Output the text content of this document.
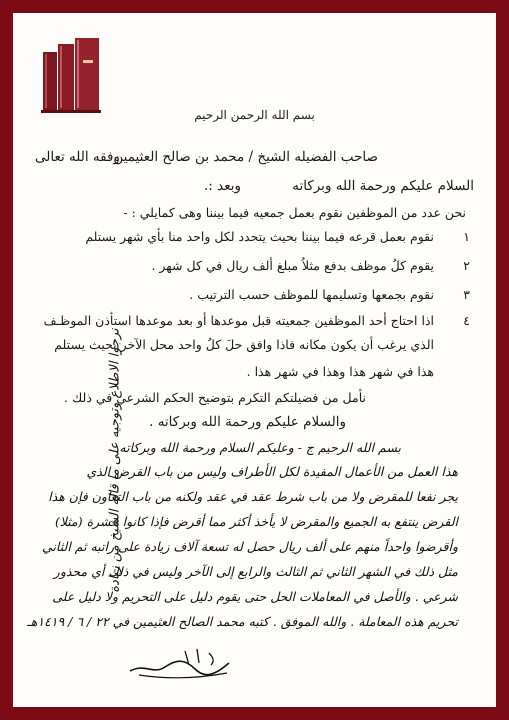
بسم الله الرحمن الرحيم
صاحب الفضيله الشيخ / محمد بن صالح العثيمين
وفقه الله تعالى
السلام عليكم ورحمة الله وبركاته
وبعد :.
نحن عدد من الموظفين نقوم بعمل جمعيه فيما بيننا وهى كمايلي : -
١
نقوم بعمل قرعه فيما بيننا بحيث يتحدد لكل واحد منا بأي شهر يستلم
٢
يقوم كلُ موظف بدفع مثلاُ مبلغ ألف ريال في كل شهر .
٣
نقوم بجمعها وتسليمها للموظف حسب الترتيب .
٤
اذا احتاج أحد الموظفين جمعيته قبل موعدها أو بعد موعدها استأذن الموظـف
الذي يرغب أن يكون مكانه فاذا وافق حلَ كلُ واحد محل الآخر بحيث يستلم
هذا في شهر هذا وهذا في شهر هذا .
نأمل من فضيلتكم التكرم بتوضيح الحكم الشرعي في ذلك .
والسلام عليكم ورحمة الله وبركاته .
بسم الله الرحيم ج - وعليكم السلام ورحمة الله وبركاته
هذا العمل من الأعمال المفيدة لكل الأطراف وليس من باب القرض الذي
يجر نفعا للمقرض ولا من باب شرط عقد في عقد ولكنه من باب التعاون فإن هذا
القرض ينتفع به الجميع والمقرض لا يأخذ أكثر مما أقرض فإذا كانوا عشرة (مثلا)
وأقرضوا واحداً منهم على ألف ريال حصل له تسعة آلاف زيادة على راتبه ثم الثاني
مثل ذلك في الشهر الثاني ثم الثالث والرابع إلى الآخر وليس في ذلك أي محذور
شرعي . والأصل في المعاملات الحل حتى يقوم دليل على التحريم ولا دليل على
تحريم هذه المعاملة . والله الموفق . كتبه محمد الصالح العثيمين في ٢٢ / ٦ / ١٤١٩هـ
نرجوا الاطلاع وتوجيه على ما قاله الشيخ من زيادة
